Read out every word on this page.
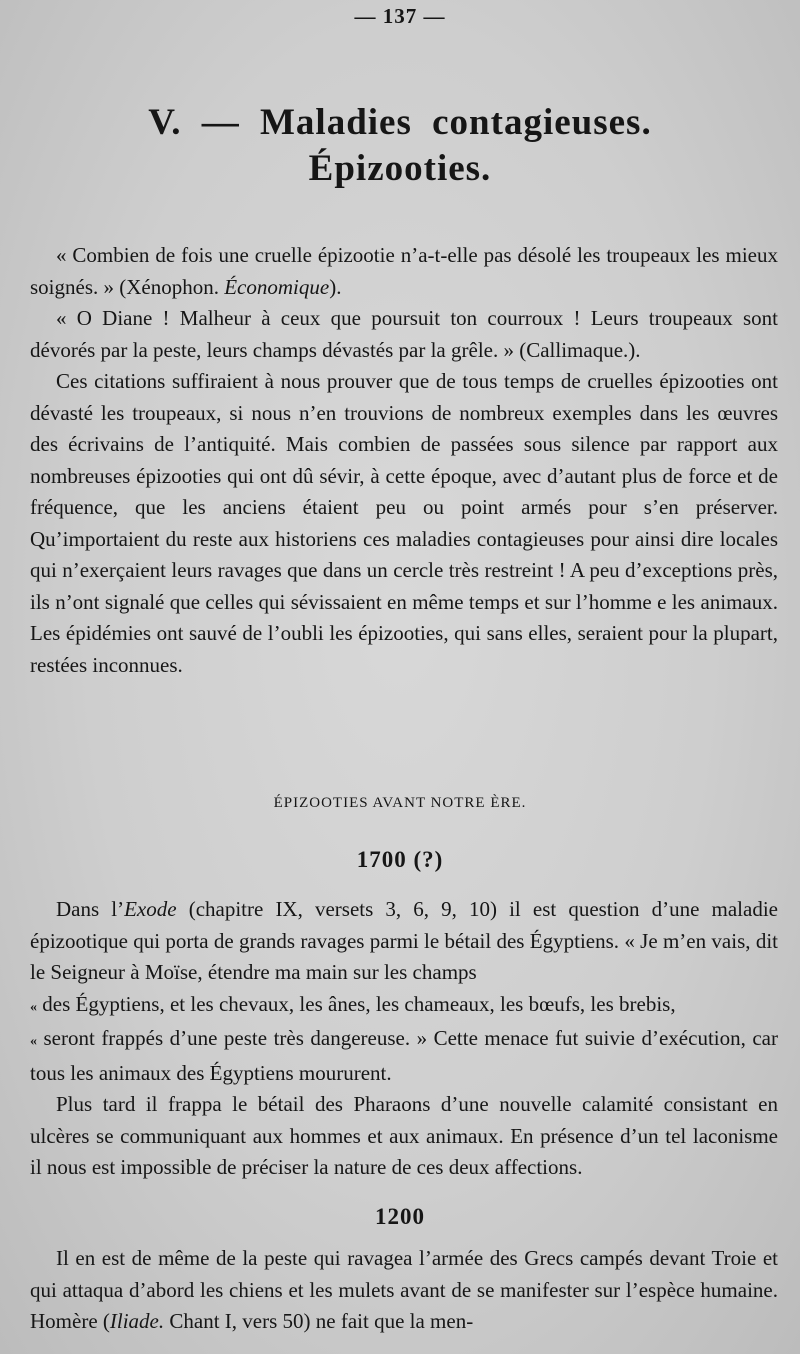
— 137 —
V. — Maladies contagieuses.
Épizooties.

« Combien de fois une cruelle épizootie n’a-t-elle pas désolé les troupeaux les mieux soignés. » (Xénophon. Économique).

« O Diane ! Malheur à ceux que poursuit ton courroux ! Leurs troupeaux sont dévorés par la peste, leurs champs dévastés par la grêle. » (Callimaque.).

Ces citations suffiraient à nous prouver que de tous temps de cruelles épizooties ont dévasté les troupeaux, si nous n’en trouvions de nombreux exemples dans les œuvres des écrivains de l’antiquité. Mais combien de passées sous silence par rapport aux nombreuses épizooties qui ont dû sévir, à cette époque, avec d’autant plus de force et de fréquence, que les anciens étaient peu ou point armés pour s’en préserver. Qu’importaient du reste aux historiens ces maladies contagieuses pour ainsi dire locales qui n’exerçaient leurs ravages que dans un cercle très restreint ! A peu d’exceptions près, ils n’ont signalé que celles qui sévissaient en même temps et sur l’homme e les animaux. Les épidémies ont sauvé de l’oubli les épizooties, qui sans elles, seraient pour la plupart, restées inconnues.

ÉPIZOOTIES AVANT NOTRE ÈRE.
1700 (?)

Dans l’Exode (chapitre IX, versets 3, 6, 9, 10) il est question d’une maladie épizootique qui porta de grands ravages parmi le bétail des Égyptiens. « Je m’en vais, dit le Seigneur à Moïse, étendre ma main sur les champs
« des Égyptiens, et les chevaux, les ânes, les chameaux, les bœufs, les brebis,
« seront frappés d’une peste très dangereuse. » Cette menace fut suivie d’exécution, car tous les animaux des Égyptiens moururent.

Plus tard il frappa le bétail des Pharaons d’une nouvelle calamité consistant en ulcères se communiquant aux hommes et aux animaux. En présence d’un tel laconisme il nous est impossible de préciser la nature de ces deux affections.

1200

Il en est de même de la peste qui ravagea l’armée des Grecs campés devant Troie et qui attaqua d’abord les chiens et les mulets avant de se manifester sur l’espèce humaine. Homère (Iliade. Chant I, vers 50) ne fait que la men-
